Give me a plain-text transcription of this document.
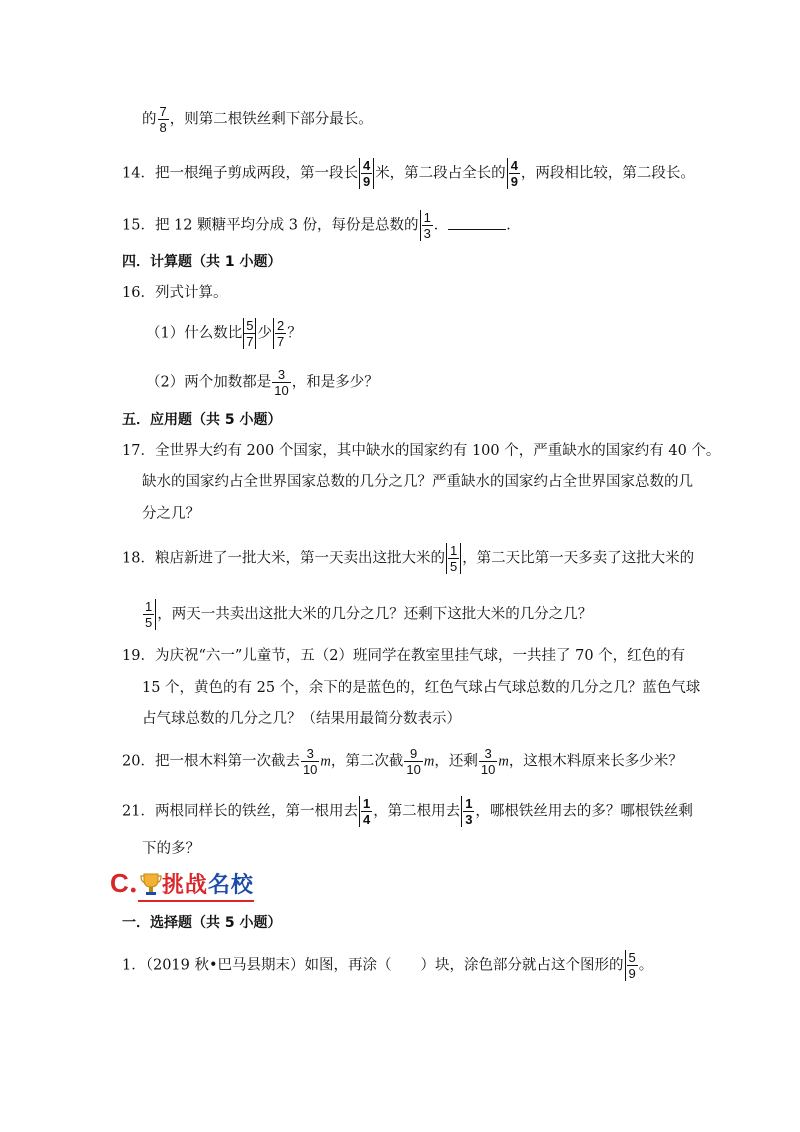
的 $\frac{7}{8}$ ，则第二根铁丝剩下部分最长。
14．把一根绳子剪成两段，第一段长 $\frac{4}{9}$ 米，第二段占全长的 $\frac{4}{9}$ ，两段相比较，第二段长。
15．把 12 颗糖平均分成 3 份，每份是总数的 $\frac{1}{3}$ ．	．
四．计算题（共 1 小题）
16．列式计算。
（1）什么数比 $\frac{5}{7}$ 少 $\frac{2}{7}$ ？
（2）两个加数都是 $\frac{3}{10}$ ，和是多少？
五．应用题（共 5 小题）
17．全世界大约有 200 个国家，其中缺水的国家约有 100 个，严重缺水的国家约有 40 个。
缺水的国家约占全世界国家总数的几分之几？严重缺水的国家约占全世界国家总数的几
分之几？
18．粮店新进了一批大米，第一天卖出这批大米的 $\frac{1}{5}$ ，第二天比第一天多卖了这批大米的
$\frac{1}{5}$ ，两天一共卖出这批大米的几分之几？还剩下这批大米的几分之几？
19．为庆祝“六一”儿童节，五（2）班同学在教室里挂气球，一共挂了 70 个，红色的有
15 个，黄色的有 25 个，余下的是蓝色的，红色气球占气球总数的几分之几？蓝色气球
占气球总数的几分之几？（结果用最简分数表示）
20．把一根木料第一次截去 $\frac{3}{10}$ m，第二次截 $\frac{9}{10}$ m，还剩 $\frac{3}{10}$ m，这根木料原来长多少米？
21．两根同样长的铁丝，第一根用去 $\frac{1}{4}$ ，第二根用去 $\frac{1}{3}$ ，哪根铁丝用去的多？哪根铁丝剩
下的多？
C . 挑战名校
一．选择题（共 5 小题）
1．（2019 秋•巴马县期末）如图，再涂（　　）块，涂色部分就占这个图形的 $\frac{5}{9}$ 。
